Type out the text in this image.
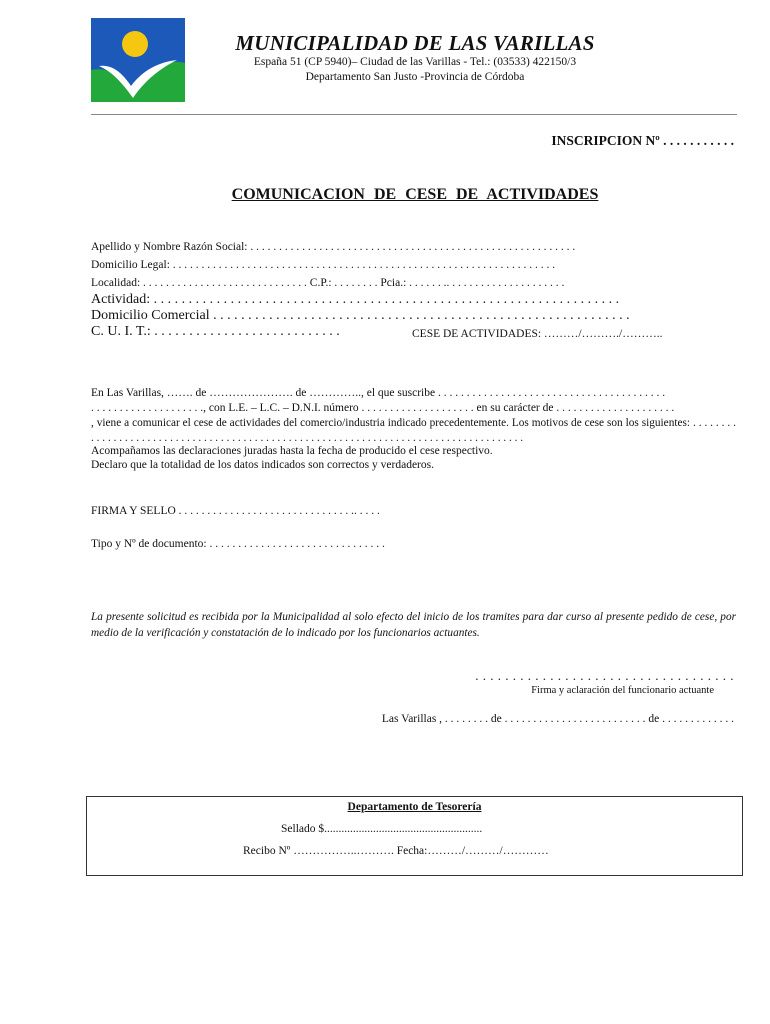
MUNICIPALIDAD DE LAS VARILLAS
España 51 (CP 5940)– Ciudad de las Varillas - Tel.: (03533) 422150/3
Departamento San Justo -Provincia de Córdoba
INSCRIPCION Nº . . . . . . . . . . .
COMUNICACION DE CESE DE ACTIVIDADES
Apellido y Nombre Razón Social: . . . . . . . . . . . . . . . . . . . . . . . . . . . . . . . . . . . . . . . . . . . . . . . . . . . . . . . . .
Domicilio Legal: . . . . . . . . . . . . . . . . . . . . . . . . . . . . . . . . . . . . . . . . . . . . . . . . . . . . . . . . . . . . . . . . . . .
Localidad: . . . . . . . . . . . . . . . . . . . . . . . . . . . . . C.P.: . . . . . . . . Pcia.: . . . . . . .. . . . . . . . . . . . . . . . . . . . .
Actividad: . . . . . . . . . . . . . . . . . . . . . . . . . . . . . . . . . . . . . . . . . . . . . . . . . . . . . . . . . . . . . . . . . . .
Domicilio Comercial . . . . . . . . . . . . . . . . . . . . . . . . . . . . . . . . . . . . . . . . . . . . . . . . . . . . . . . . . . . .
C. U. I. T.: . . . . . . . . . . . . . . . . . . . . . . . . . . .	CESE DE ACTIVIDADES: ………/………./………..
En Las Varillas, ……. de …………………. de ………….., el que suscribe . . . . . . . . . . . . . . . . . . . . . . . . . . . . . . . . . . . . . . . .
. . . . . . . . . . . . . . . . . . . ., con L.E. – L.C. – D.N.I. número . . . . . . . . . . . . . . . . . . . . en su carácter de . . . . . . . . . . . . . . . . . . . . .
, viene a comunicar el cese de actividades del comercio/industria indicado precedentemente. Los motivos de cese son los siguientes: . . . . . . . . . . . . . . . . . . . . . . . . . . . . . . . . . . . . . . . . . . . . . . . . . . . . . . . . . . . . . . . . . . . . . . . . . . . . . . . . . . . . .
Acompañamos las declaraciones juradas hasta la fecha de producido el cese respectivo.
Declaro que la totalidad de los datos indicados son correctos y verdaderos.
FIRMA Y SELLO . . . . . . . . . . . . . . . . . . . . . . . . . . . . . . .. . . . .
Tipo y Nº de documento: . . . . . . . . . . . . . . . . . . . . . . . . . . . . . . .
La presente solicitud es recibida por la Municipalidad al solo efecto del inicio de los tramites para dar curso al presente pedido de cese, por medio de la verificación y constatación de lo indicado por los funcionarios actuantes.
. . . . . . . . . . . . . . . . . . . . . . . . . . . . . . . . . . .
Firma y aclaración del funcionario actuante
Las Varillas , . . . . . . . . de . . . . . . . . . . . . . . . . . . . . . . . . . de . . . . . . . . . . . . .
Departamento de Tesorería
Sellado $.......................................................
Recibo Nº ……………..………. Fecha:………/………/…………
